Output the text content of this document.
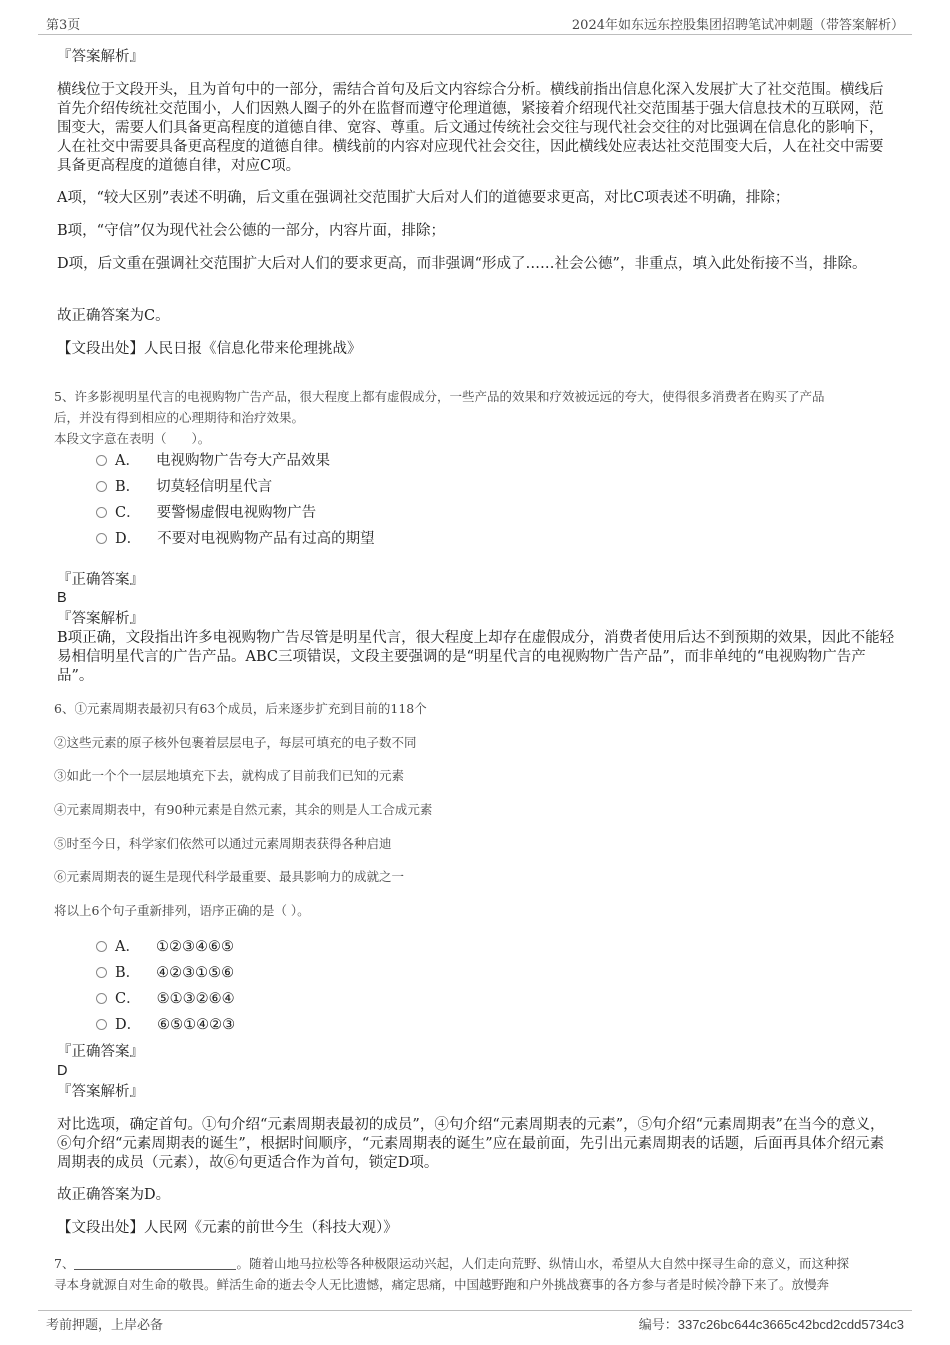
第3页	2024年如东远东控股集团招聘笔试冲刺题（带答案解析）
『答案解析』

横线位于文段开头，且为首句中的一部分，需结合首句及后文内容综合分析。横线前指出信息化深入发展扩大了社交范围。横线后首先介绍传统社交范围小，人们因熟人圈子的外在监督而遵守伦理道德，紧接着介绍现代社交范围基于强大信息技术的互联网，范围变大，需要人们具备更高程度的道德自律、宽容、尊重。后文通过传统社会交往与现代社会交往的对比强调在信息化的影响下，人在社交中需要具备更高程度的道德自律。横线前的内容对应现代社会交往，因此横线处应表达社交范围变大后，人在社交中需要具备更高程度的道德自律，对应C项。

A项，“较大区别”表述不明确，后文重在强调社交范围扩大后对人们的道德要求更高，对比C项表述不明确，排除；
B项，“守信”仅为现代社会公德的一部分，内容片面，排除；
D项，后文重在强调社交范围扩大后对人们的要求更高，而非强调“形成了……社会公德”，非重点，填入此处衔接不当，排除。
故正确答案为C。
【文段出处】人民日报《信息化带来伦理挑战》

5、许多影视明星代言的电视购物广告产品，很大程度上都有虚假成分，一些产品的效果和疗效被远远的夸大，使得很多消费者在购买了产品

后，并没有得到相应的心理期待和治疗效果。

本段文字意在表明（　　）。

A． 电视购物广告夸大产品效果
B． 切莫轻信明星代言
C． 要警惕虚假电视购物广告
D． 不要对电视购物产品有过高的期望
『正确答案』
B
『答案解析』

B项正确，文段指出许多电视购物广告尽管是明星代言，很大程度上却存在虚假成分，消费者使用后达不到预期的效果，因此不能轻易相信明星代言的广告产品。ABC三项错误，文段主要强调的是“明星代言的电视购物广告产品”，而非单纯的“电视购物广告产品”。

6、①元素周期表最初只有63个成员，后来逐步扩充到目前的118个
②这些元素的原子核外包裹着层层电子，每层可填充的电子数不同
③如此一个个一层层地填充下去，就构成了目前我们已知的元素
④元素周期表中，有90种元素是自然元素，其余的则是人工合成元素
⑤时至今日，科学家们依然可以通过元素周期表获得各种启迪
⑥元素周期表的诞生是现代科学最重要、最具影响力的成就之一
将以上6个句子重新排列，语序正确的是（ ）。
A． ①②③④⑥⑤
B． ④②③①⑤⑥
C． ⑤①③②⑥④
D． ⑥⑤①④②③
『正确答案』
D
『答案解析』

对比选项，确定首句。①句介绍“元素周期表最初的成员”，④句介绍“元素周期表的元素”，⑤句介绍“元素周期表”在当今的意义，⑥句介绍“元素周期表的诞生”，根据时间顺序，“元素周期表的诞生”应在最前面，先引出元素周期表的话题，后面再具体介绍元素周期表的成员（元素），故⑥句更适合作为首句，锁定D项。

故正确答案为D。
【文段出处】人民网《元素的前世今生（科技大观）》

7、	。随着山地马拉松等各种极限运动兴起，人们走向荒野、纵情山水，希望从大自然中探寻生命的意义，而这种探

寻本身就源自对生命的敬畏。鲜活生命的逝去令人无比遗憾，痛定思痛，中国越野跑和户外挑战赛事的各方参与者是时候冷静下来了。放慢奔

考前押题，上岸必备	编号：337c26bc644c3665c42bcd2cdd5734c3
